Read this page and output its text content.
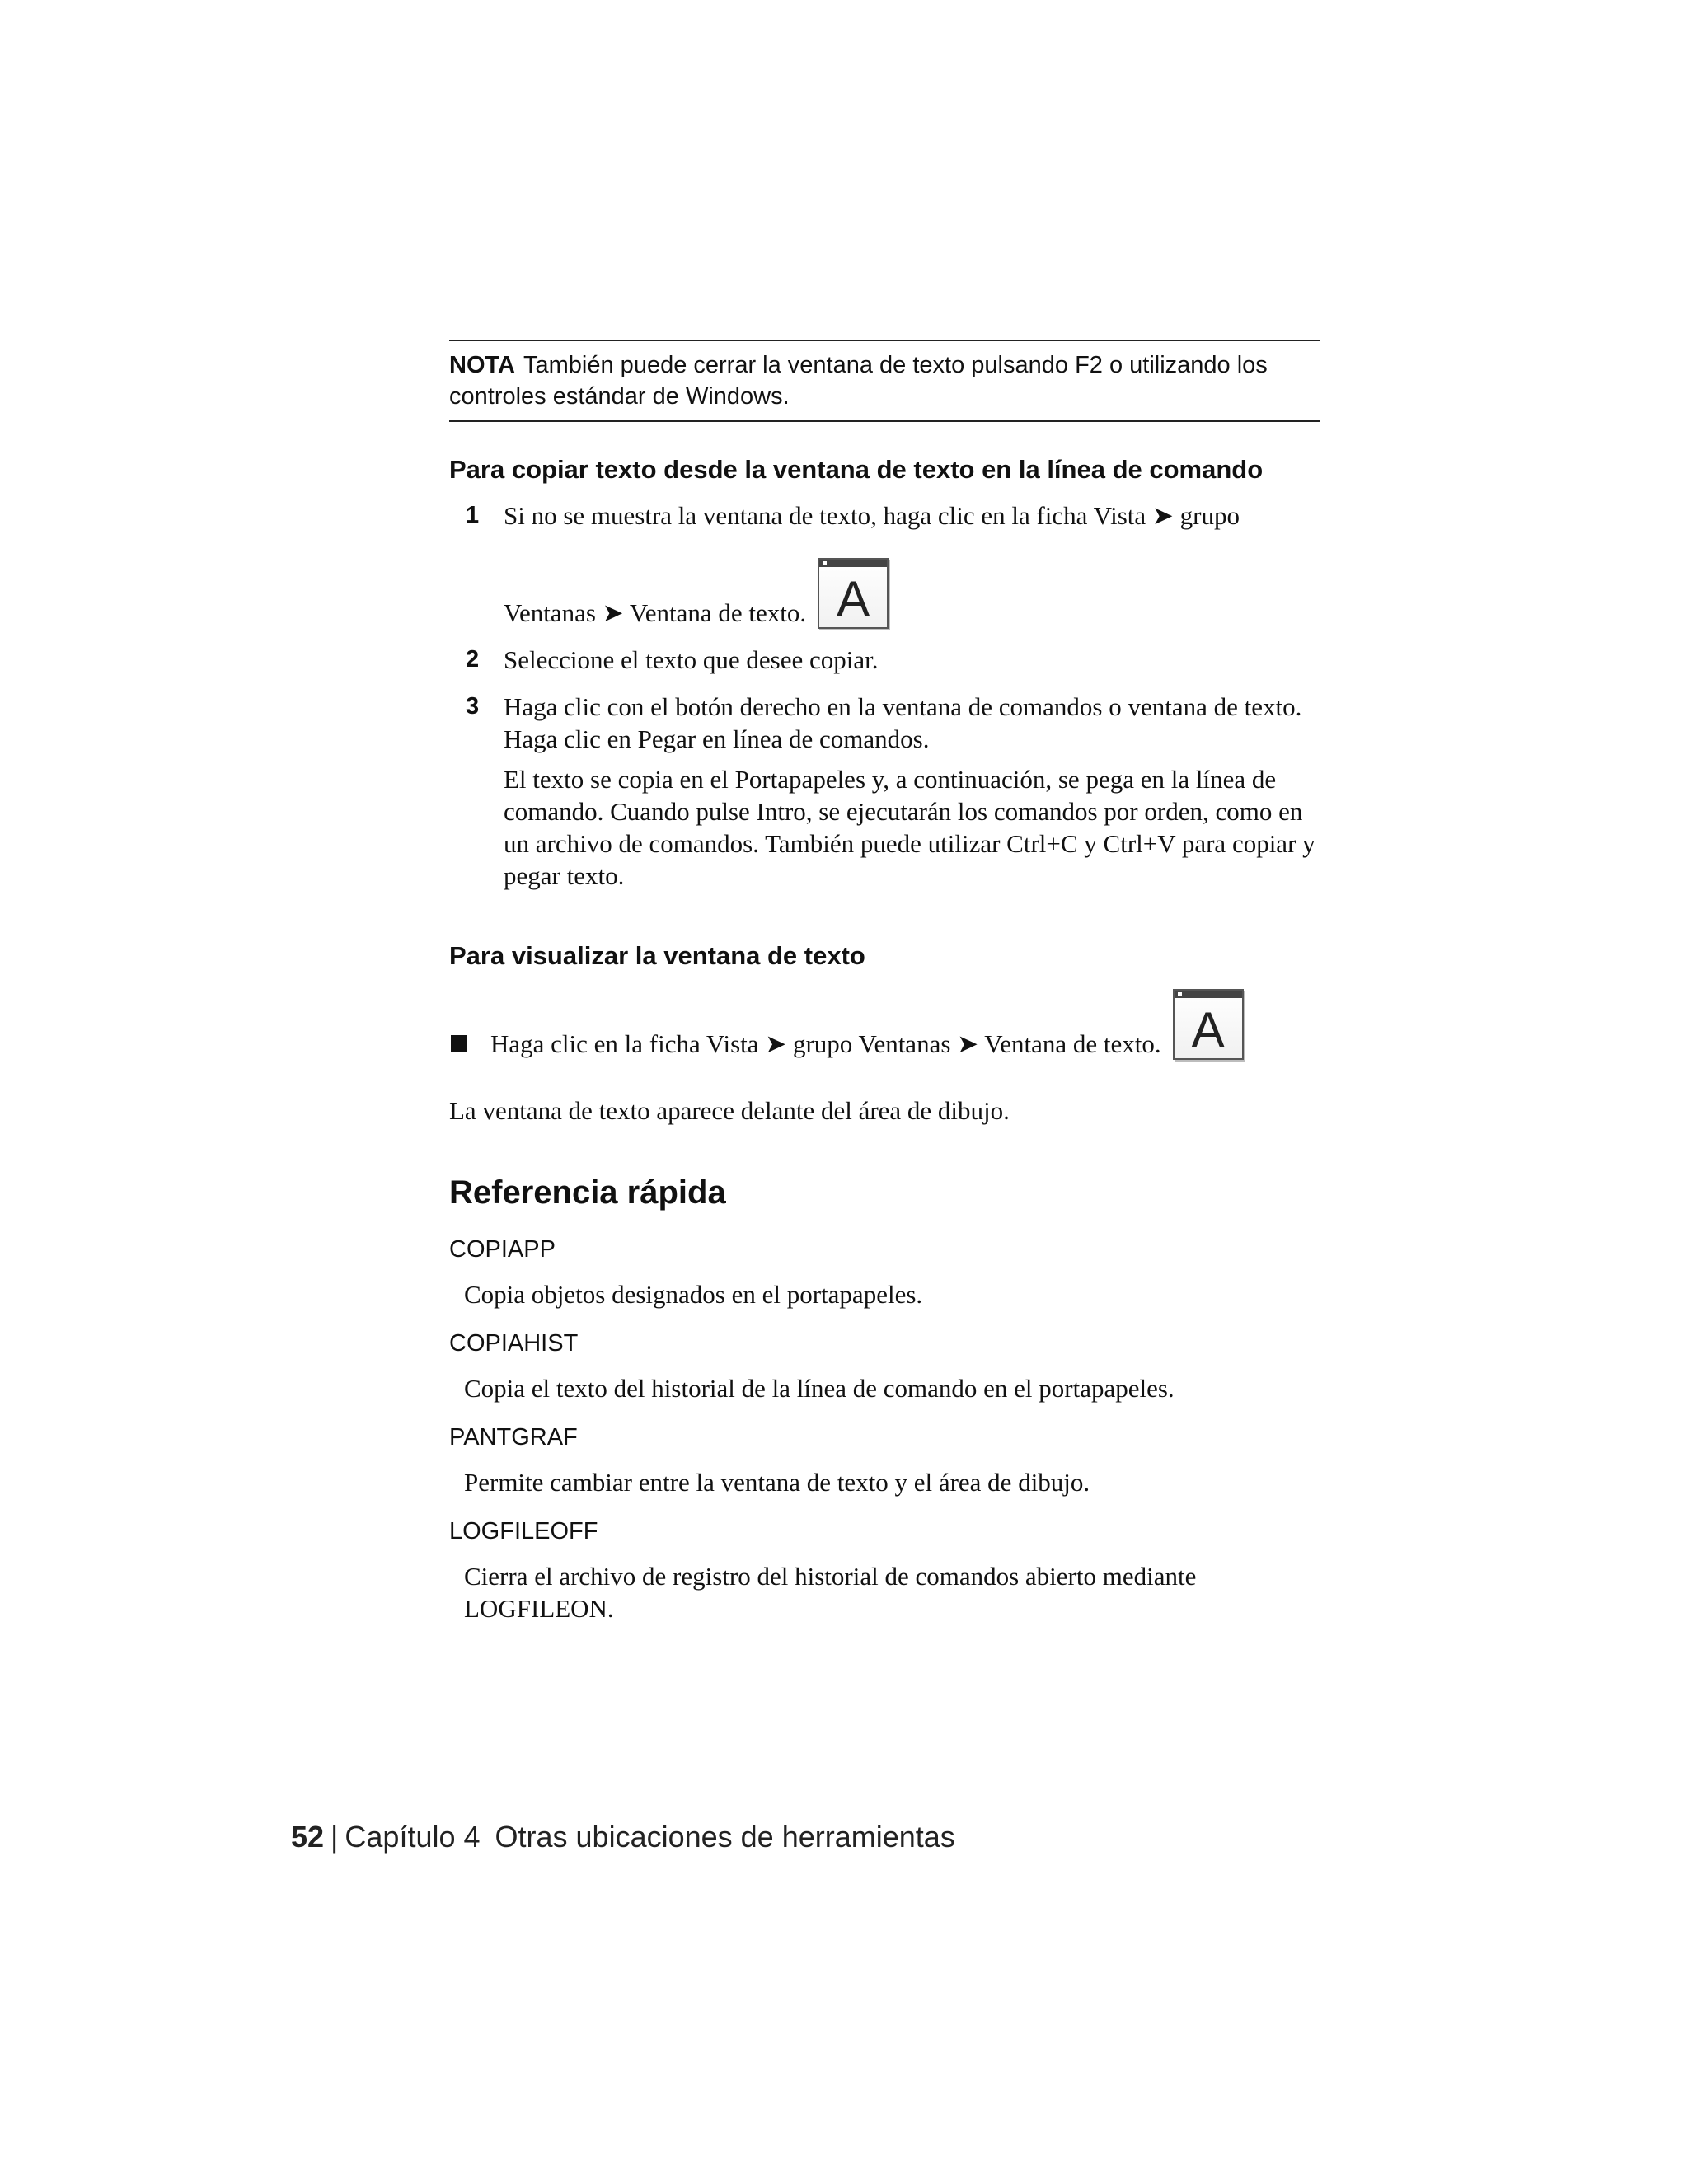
NOTA También puede cerrar la ventana de texto pulsando F2 o utilizando los controles estándar de Windows.
Para copiar texto desde la ventana de texto en la línea de comando
1 Si no se muestra la ventana de texto, haga clic en la ficha Vista ➤ grupo
Ventanas ➤ Ventana de texto. A
2 Seleccione el texto que desee copiar.
3 Haga clic con el botón derecho en la ventana de comandos o ventana de texto. Haga clic en Pegar en línea de comandos.
El texto se copia en el Portapapeles y, a continuación, se pega en la línea de comando. Cuando pulse Intro, se ejecutarán los comandos por orden, como en un archivo de comandos. También puede utilizar Ctrl+C y Ctrl+V para copiar y pegar texto.
Para visualizar la ventana de texto
Haga clic en la ficha Vista ➤ grupo Ventanas ➤ Ventana de texto. A
La ventana de texto aparece delante del área de dibujo.
Referencia rápida
COPIAPP
Copia objetos designados en el portapapeles.
COPIAHIST
Copia el texto del historial de la línea de comando en el portapapeles.
PANTGRAF
Permite cambiar entre la ventana de texto y el área de dibujo.
LOGFILEOFF
Cierra el archivo de registro del historial de comandos abierto mediante LOGFILEON.
52 | Capítulo 4 Otras ubicaciones de herramientas
